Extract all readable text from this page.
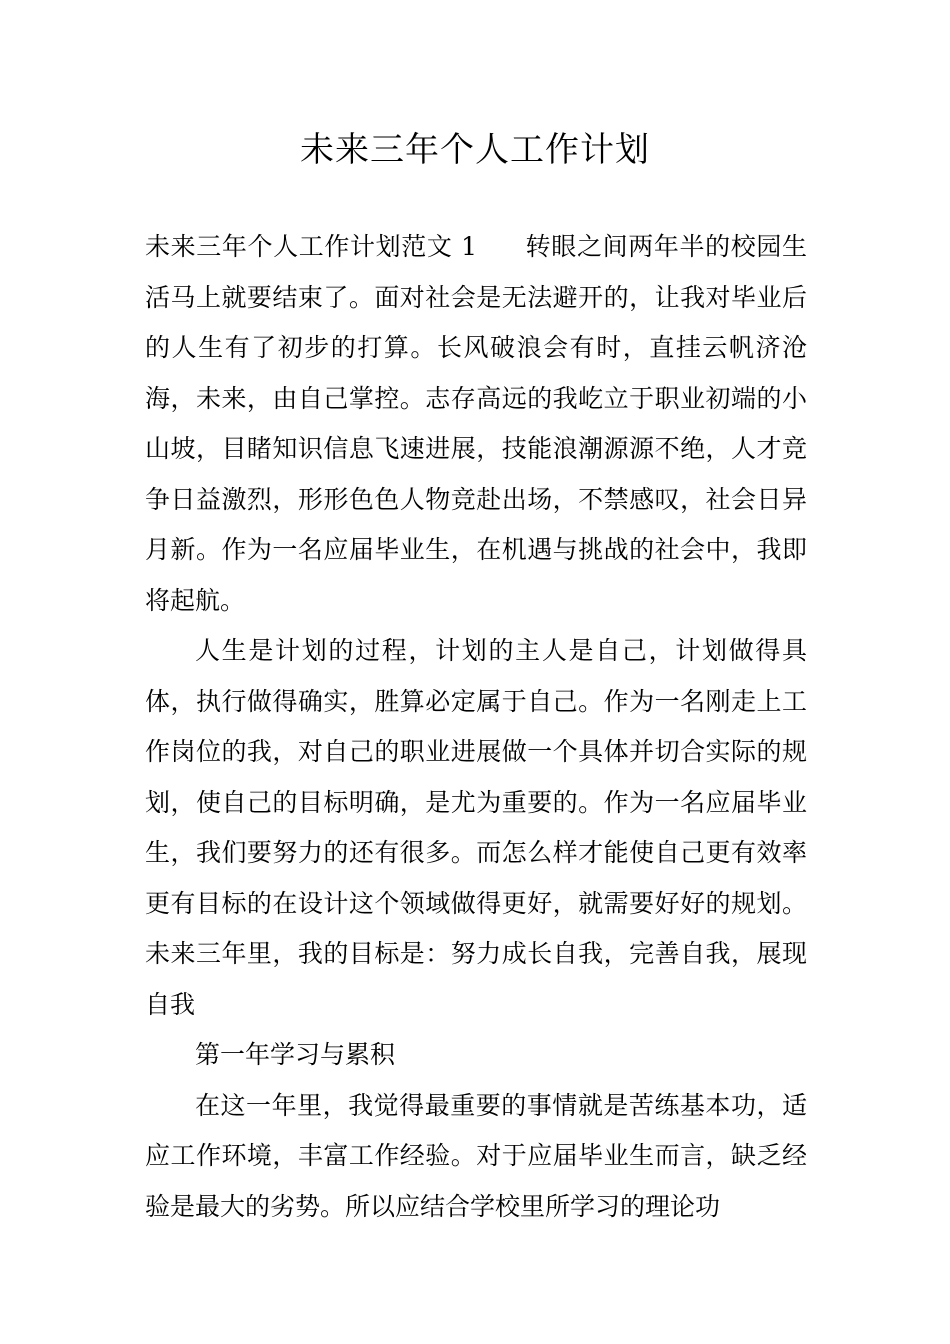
未来三年个人工作计划

未来三年个人工作计划范文 1 转眼之间两年半的校园生活马上就要结束了。面对社会是无法避开的，让我对毕业后的人生有了初步的打算。长风破浪会有时，直挂云帆济沧海，未来，由自己掌控。志存高远的我屹立于职业初端的小山坡，目睹知识信息飞速进展，技能浪潮源源不绝，人才竞争日益激烈，形形色色人物竞赴出场，不禁感叹，社会日异月新。作为一名应届毕业生，在机遇与挑战的社会中，我即将起航。

人生是计划的过程，计划的主人是自己，计划做得具体，执行做得确实，胜算必定属于自己。作为一名刚走上工作岗位的我，对自己的职业进展做一个具体并切合实际的规划，使自己的目标明确，是尤为重要的。作为一名应届毕业生，我们要努力的还有很多。而怎么样才能使自己更有效率更有目标的在设计这个领域做得更好，就需要好好的规划。未来三年里，我的目标是：努力成长自我，完善自我，展现自我

第一年学习与累积

在这一年里，我觉得最重要的事情就是苦练基本功，适应工作环境，丰富工作经验。对于应届毕业生而言，缺乏经验是最大的劣势。所以应结合学校里所学习的理论功
